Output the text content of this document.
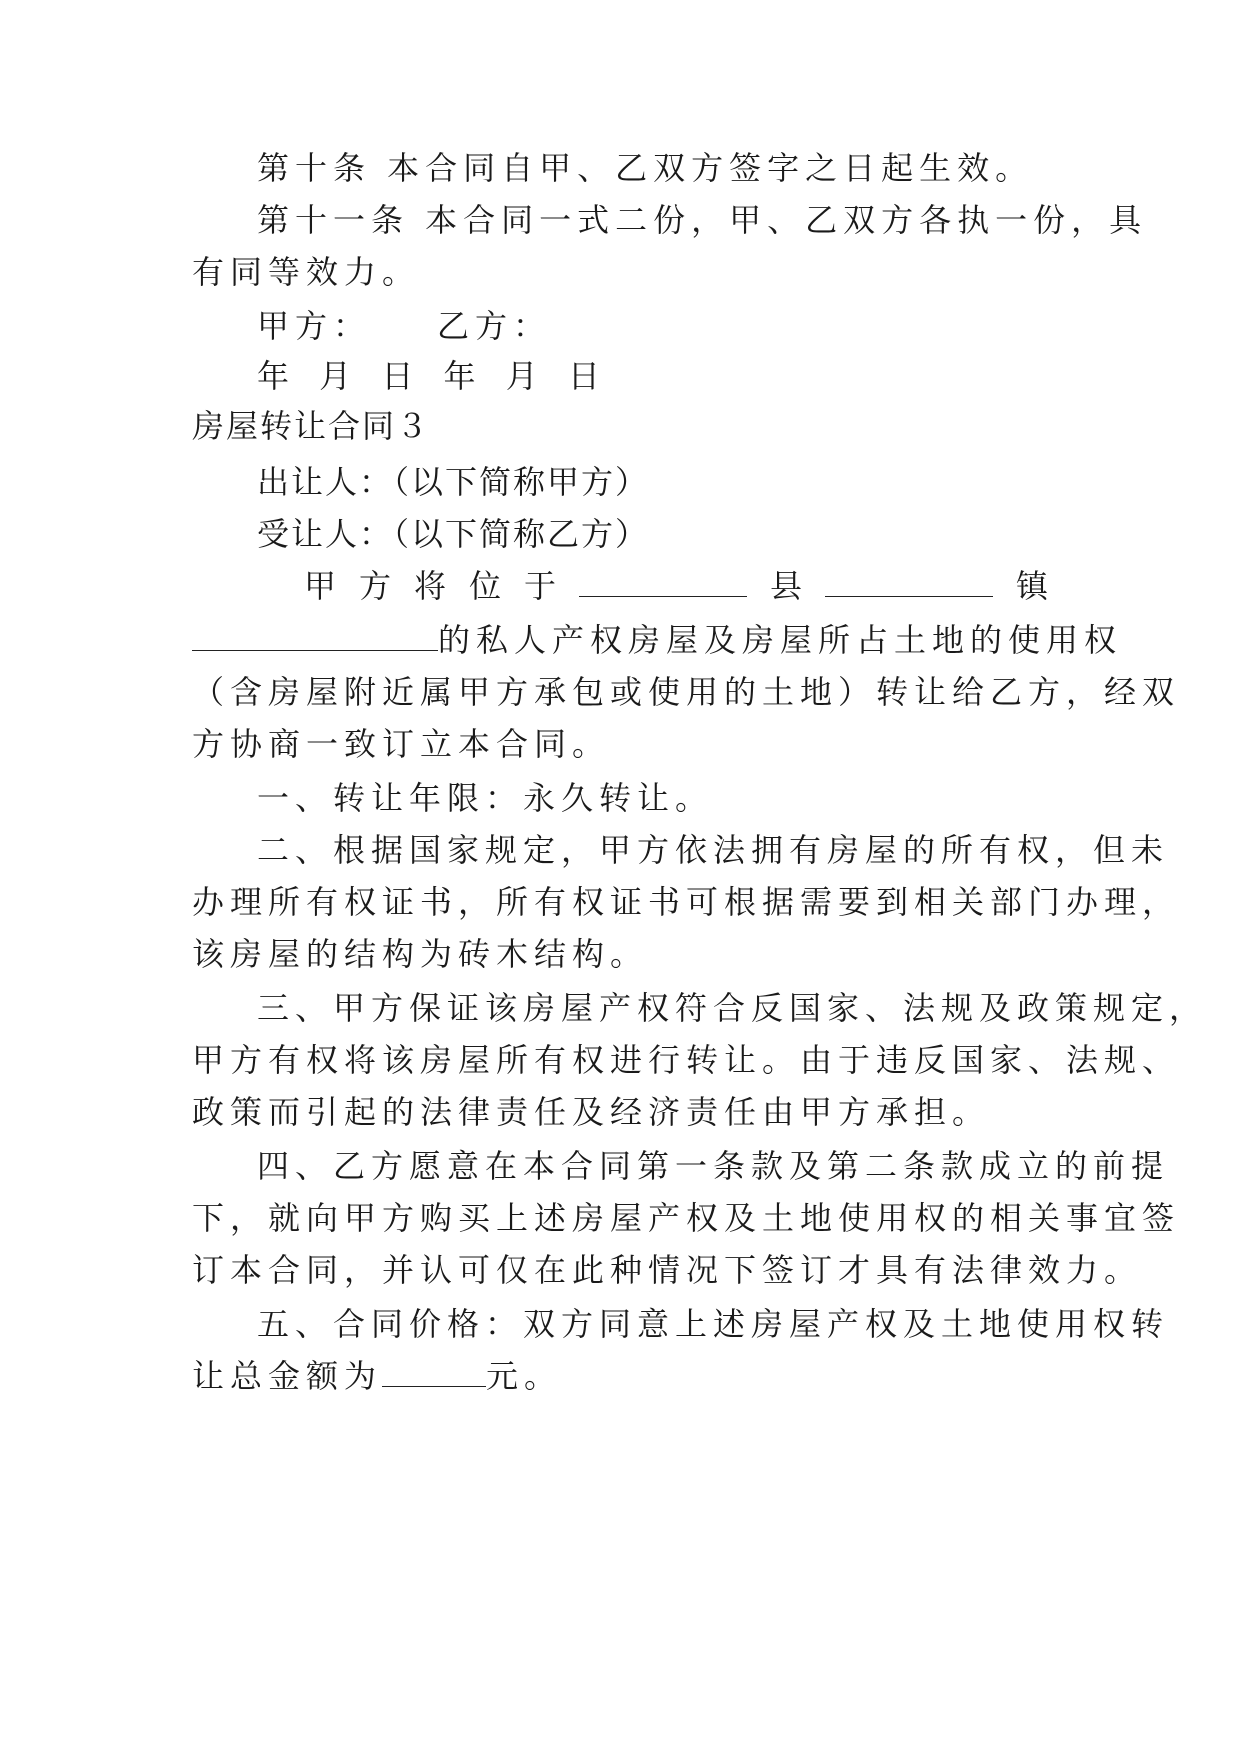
第十条 本合同自甲、乙双方签字之日起生效。
第十一条 本合同一式二份，甲、乙双方各执一份，具
有同等效力。
甲方： 乙方：
年 月 日 年 月 日
房屋转让合同３
出让人：（以下简称甲方）
受让人：（以下简称乙方）
甲 方 将 位 于	县	镇
的私人产权房屋及房屋所占土地的使用权
（含房屋附近属甲方承包或使用的土地）转让给乙方，经双
方协商一致订立本合同。
一、转让年限：永久转让。
二、根据国家规定，甲方依法拥有房屋的所有权，但未
办理所有权证书，所有权证书可根据需要到相关部门办理，
该房屋的结构为砖木结构。
三、甲方保证该房屋产权符合反国家、法规及政策规定，
甲方有权将该房屋所有权进行转让。由于违反国家、法规、
政策而引起的法律责任及经济责任由甲方承担。
四、乙方愿意在本合同第一条款及第二条款成立的前提
下，就向甲方购买上述房屋产权及土地使用权的相关事宜签
订本合同，并认可仅在此种情况下签订才具有法律效力。
五、合同价格：双方同意上述房屋产权及土地使用权转
让总金额为	元。
